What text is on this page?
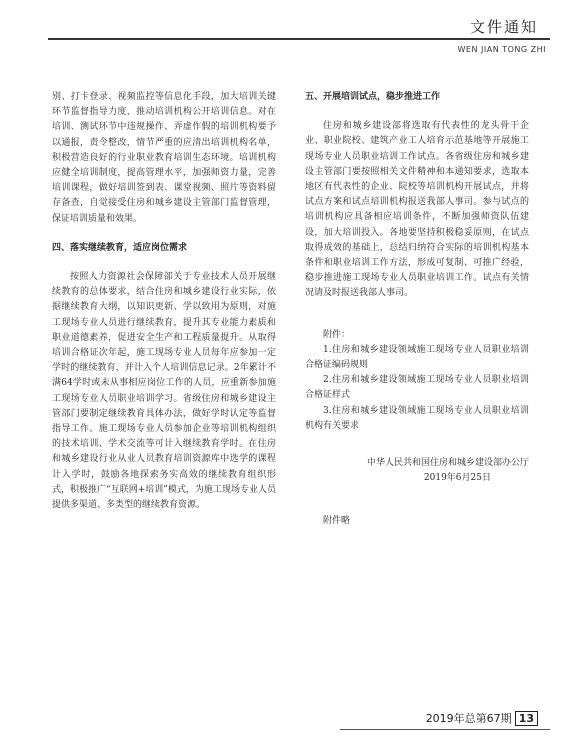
文件通知
WEN JIAN TONG ZHI

别、打卡登录、视频监控等信息化手段，加大培训关键环节监督指导力度，推动培训机构公开培训信息。对在培训、测试环节中违规操作、弄虚作假的培训机构要予以通报，责令整改，情节严重的应清出培训机构名单，积极营造良好的行业职业教育培训生态环境。培训机构应健全培训制度，提高管理水平，加强师资力量，完善培训课程，做好培训签到表、课堂视频、照片等资料留存备查，自觉接受住房和城乡建设主管部门监督管理，保证培训质量和效果。

四、落实继续教育，适应岗位需求

按照人力资源社会保障部关于专业技术人员开展继续教育的总体要求，结合住房和城乡建设行业实际，依据继续教育大纲，以知识更新、学以致用为原则，对施工现场专业人员进行继续教育，提升其专业能力素质和职业道德素养，促进安全生产和工程质量提升。从取得培训合格证次年起，施工现场专业人员每年应参加一定学时的继续教育，并计入个人培训信息记录。2年累计不满64学时或未从事相应岗位工作的人员，应重新参加施工现场专业人员职业培训学习。省级住房和城乡建设主管部门要制定继续教育具体办法，做好学时认定等监督指导工作。施工现场专业人员参加企业等培训机构组织的技术培训、学术交流等可计入继续教育学时。在住房和城乡建设行业从业人员教育培训资源库中选学的课程计入学时，鼓励各地探索务实高效的继续教育组织形式，积极推广“互联网+培训”模式，为施工现场专业人员提供多渠道、多类型的继续教育资源。

五、开展培训试点，稳步推进工作

住房和城乡建设部将选取有代表性的龙头骨干企业、职业院校、建筑产业工人培育示范基地等开展施工现场专业人员职业培训工作试点。各省级住房和城乡建设主管部门要按照相关文件精神和本通知要求，选取本地区有代表性的企业、院校等培训机构开展试点，并将试点方案和试点培训机构报送我部人事司。参与试点的培训机构应具备相应培训条件，不断加强师资队伍建设，加大培训投入。各地要坚持积极稳妥原则，在试点取得成效的基础上，总结归纳符合实际的培训机构基本条件和职业培训工作方法，形成可复制、可推广经验，稳步推进施工现场专业人员职业培训工作。试点有关情况请及时报送我部人事司。

附件：

1.住房和城乡建设领域施工现场专业人员职业培训合格证编码规则

2.住房和城乡建设领域施工现场专业人员职业培训合格证样式

3.住房和城乡建设领域施工现场专业人员职业培训机构有关要求

中华人民共和国住房和城乡建设部办公厅

2019年6月25日

附件略

2019年总第67期 13
